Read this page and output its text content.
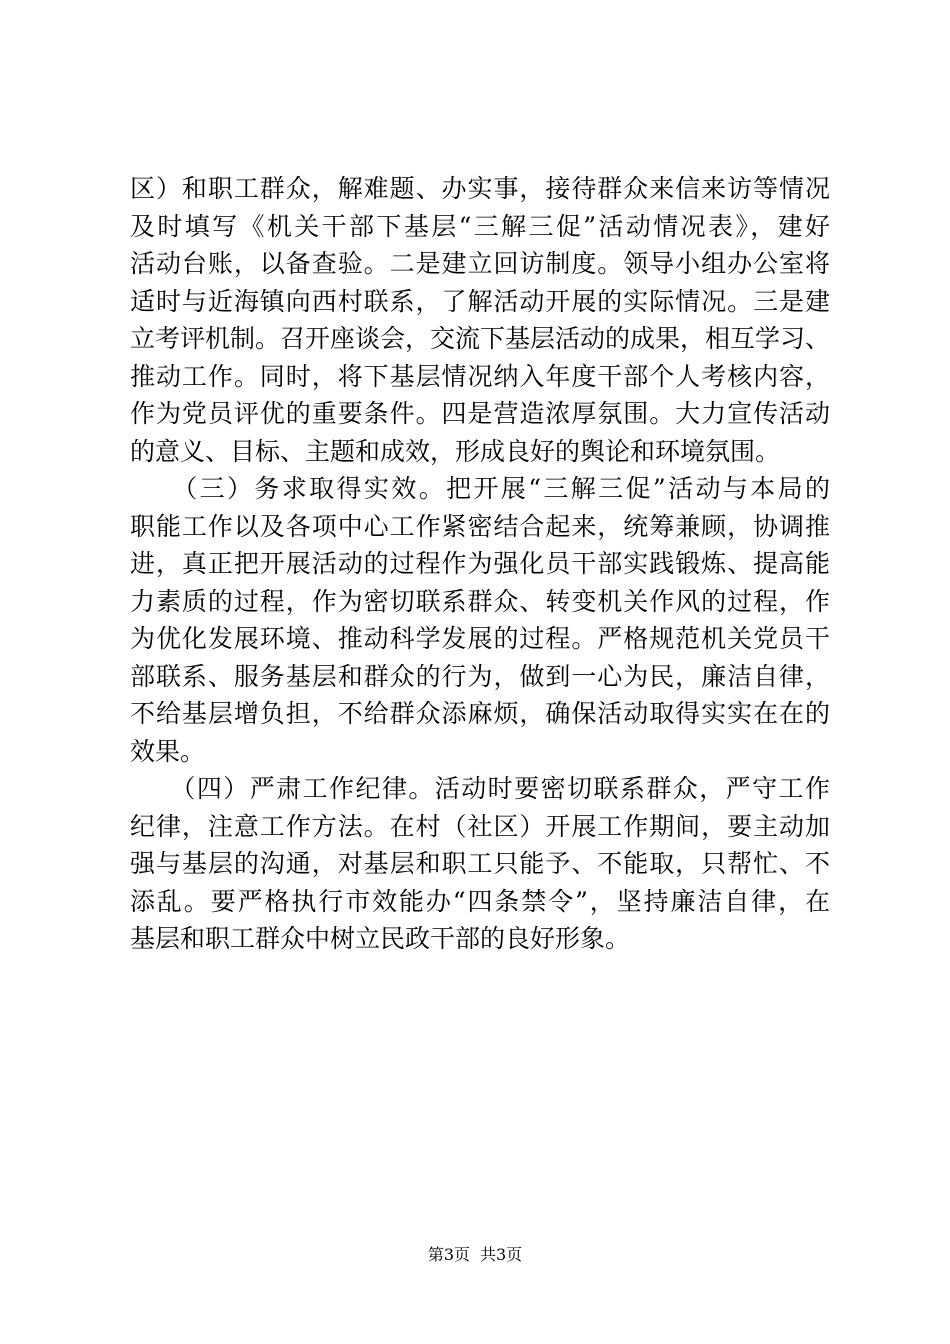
区）和职工群众，解难题、办实事，接待群众来信来访等情况
及时填写《机关干部下基层“三解三促”活动情况表》，建好
活动台账，以备查验。二是建立回访制度。领导小组办公室将
适时与近海镇向西村联系，了解活动开展的实际情况。三是建
立考评机制。召开座谈会，交流下基层活动的成果，相互学习、
推动工作。同时，将下基层情况纳入年度干部个人考核内容，
作为党员评优的重要条件。四是营造浓厚氛围。大力宣传活动
的意义、目标、主题和成效，形成良好的舆论和环境氛围。
　　（三）务求取得实效。把开展“三解三促”活动与本局的
职能工作以及各项中心工作紧密结合起来，统筹兼顾，协调推
进，真正把开展活动的过程作为强化员干部实践锻炼、提高能
力素质的过程，作为密切联系群众、转变机关作风的过程，作
为优化发展环境、推动科学发展的过程。严格规范机关党员干
部联系、服务基层和群众的行为，做到一心为民，廉洁自律，
不给基层增负担，不给群众添麻烦，确保活动取得实实在在的
效果。
　　（四）严肃工作纪律。活动时要密切联系群众，严守工作
纪律，注意工作方法。在村（社区）开展工作期间，要主动加
强与基层的沟通，对基层和职工只能予、不能取，只帮忙、不
添乱。要严格执行市效能办“四条禁令”，坚持廉洁自律，在
基层和职工群众中树立民政干部的良好形象。
第3页 共3页
